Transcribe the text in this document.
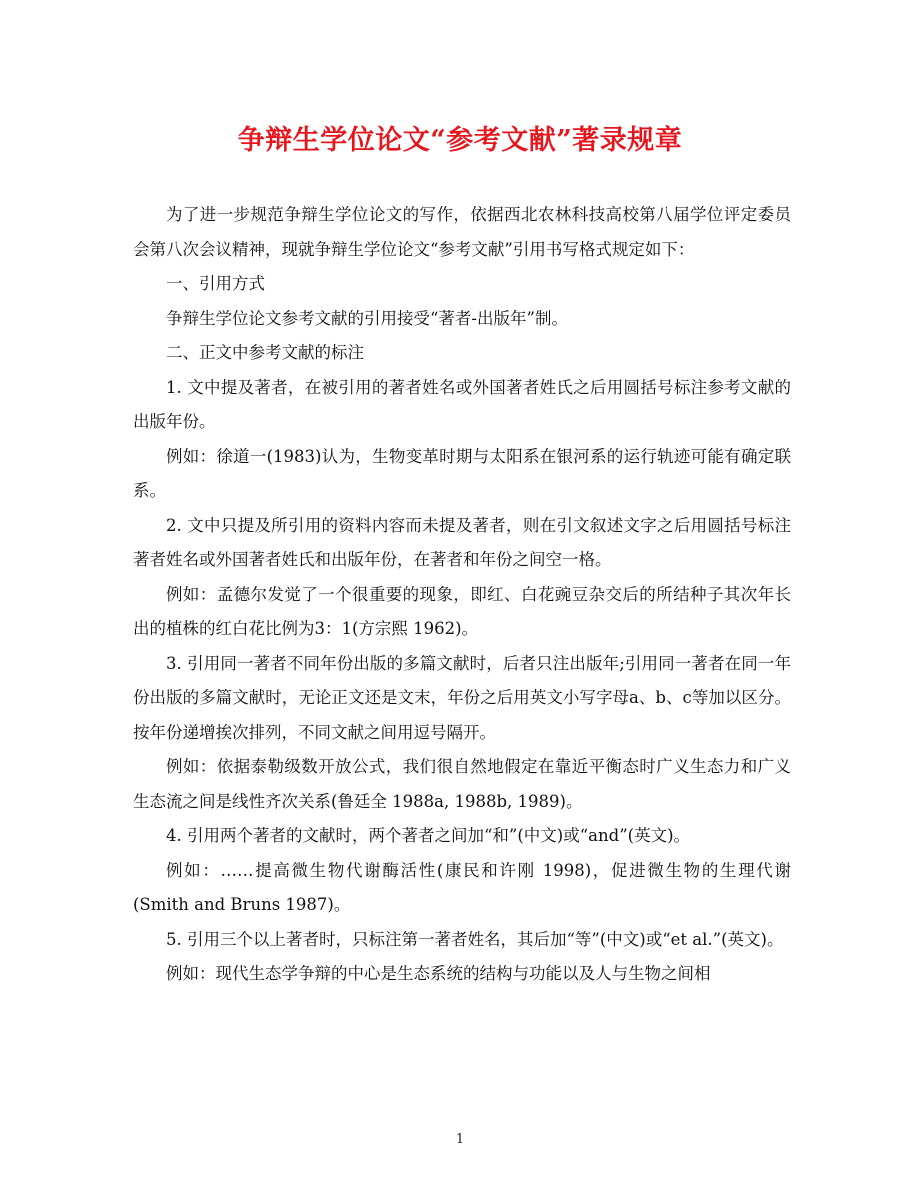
争辩生学位论文“参考文献”著录规章

为了进一步规范争辩生学位论文的写作，依据西北农林科技高校第八届学位评定委员会第八次会议精神，现就争辩生学位论文“参考文献”引用书写格式规定如下：

一、引用方式

争辩生学位论文参考文献的引用接受“著者-出版年”制。

二、正文中参考文献的标注

1. 文中提及著者，在被引用的著者姓名或外国著者姓氏之后用圆括号标注参考文献的出版年份。

例如：徐道一(1983)认为，生物变革时期与太阳系在银河系的运行轨迹可能有确定联系。

2. 文中只提及所引用的资料内容而未提及著者，则在引文叙述文字之后用圆括号标注著者姓名或外国著者姓氏和出版年份，在著者和年份之间空一格。

例如：孟德尔发觉了一个很重要的现象，即红、白花豌豆杂交后的所结种子其次年长出的植株的红白花比例为3：1(方宗熙 1962)。

3. 引用同一著者不同年份出版的多篇文献时，后者只注出版年;引用同一著者在同一年份出版的多篇文献时，无论正文还是文末，年份之后用英文小写字母a、b、c等加以区分。按年份递增挨次排列，不同文献之间用逗号隔开。

例如：依据泰勒级数开放公式，我们很自然地假定在靠近平衡态时广义生态力和广义生态流之间是线性齐次关系(鲁廷全 1988a, 1988b, 1989)。

4. 引用两个著者的文献时，两个著者之间加“和”(中文)或“and”(英文)。

例如：……提高微生物代谢酶活性(康民和许刚 1998)，促进微生物的生理代谢(Smith and Bruns 1987)。

5. 引用三个以上著者时，只标注第一著者姓名，其后加“等”(中文)或“et al.”(英文)。

例如：现代生态学争辩的中心是生态系统的结构与功能以及人与生物之间相

1
